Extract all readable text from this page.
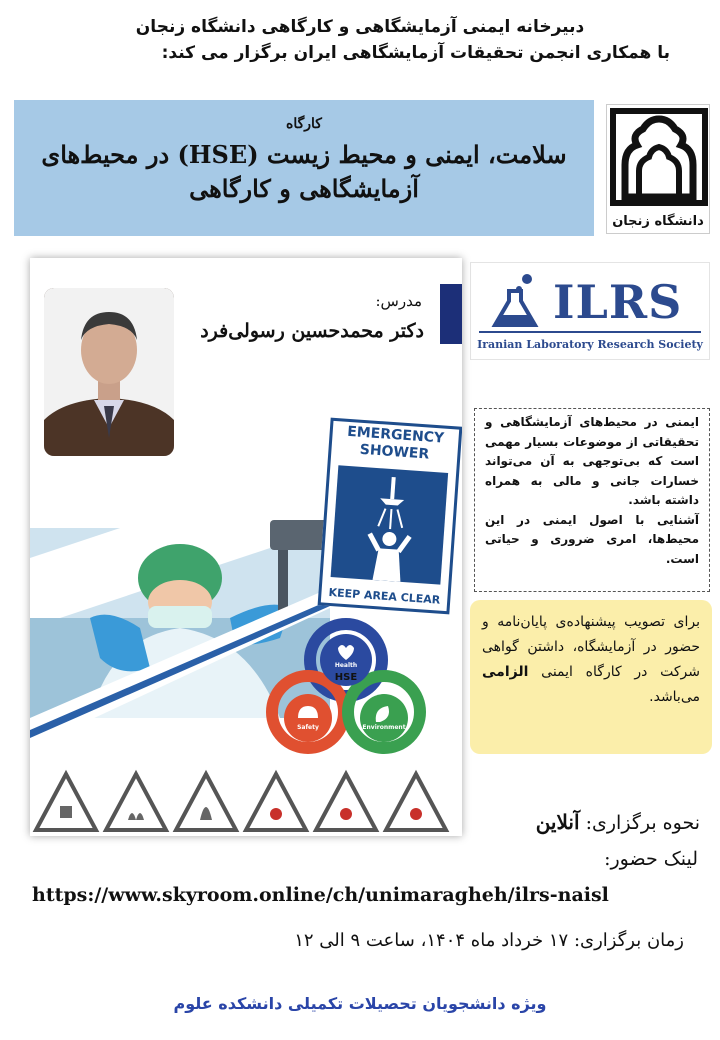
دبیرخانه ایمنی آزمایشگاهی و کارگاهی دانشگاه زنجان
با همکاری انجمن تحقیقات آزمایشگاهی ایران برگزار می کند:
کارگاه
سلامت، ایمنی و محیط زیست (HSE) در محیط‌های
آزمایشگاهی و کارگاهی
دانشگاه زنجان
ILRS
Iranian Laboratory Research Society
مدرس:
دکتر محمدحسین رسولی‌فرد
EMERGENCY
SHOWER
KEEP AREA CLEAR
HSE
Health
Safety	Environment
ایمنی در محیط‌های آزمایشگاهی و تحقیقاتی از موضوعات بسیار مهمی است که بی‌توجهی به آن می‌تواند خسارات جانی و مالی به همراه داشته باشد.
آشنایی با اصول ایمنی در این محیط‌ها، امری ضروری و حیاتی است.
برای تصویب پیشنهاده‌ی پایان‌نامه و حضور در آزمایشگاه، داشتن گواهی شرکت در کارگاه ایمنی الزامی می‌باشد.
نحوه برگزاری: آنلاین
لینک حضور:
https://www.skyroom.online/ch/unimaragheh/ilrs-naisl
زمان برگزاری: ۱۷ خرداد ماه ۱۴۰۴، ساعت ۹ الی ۱۲
ویژه دانشجویان تحصیلات تکمیلی دانشکده علوم
